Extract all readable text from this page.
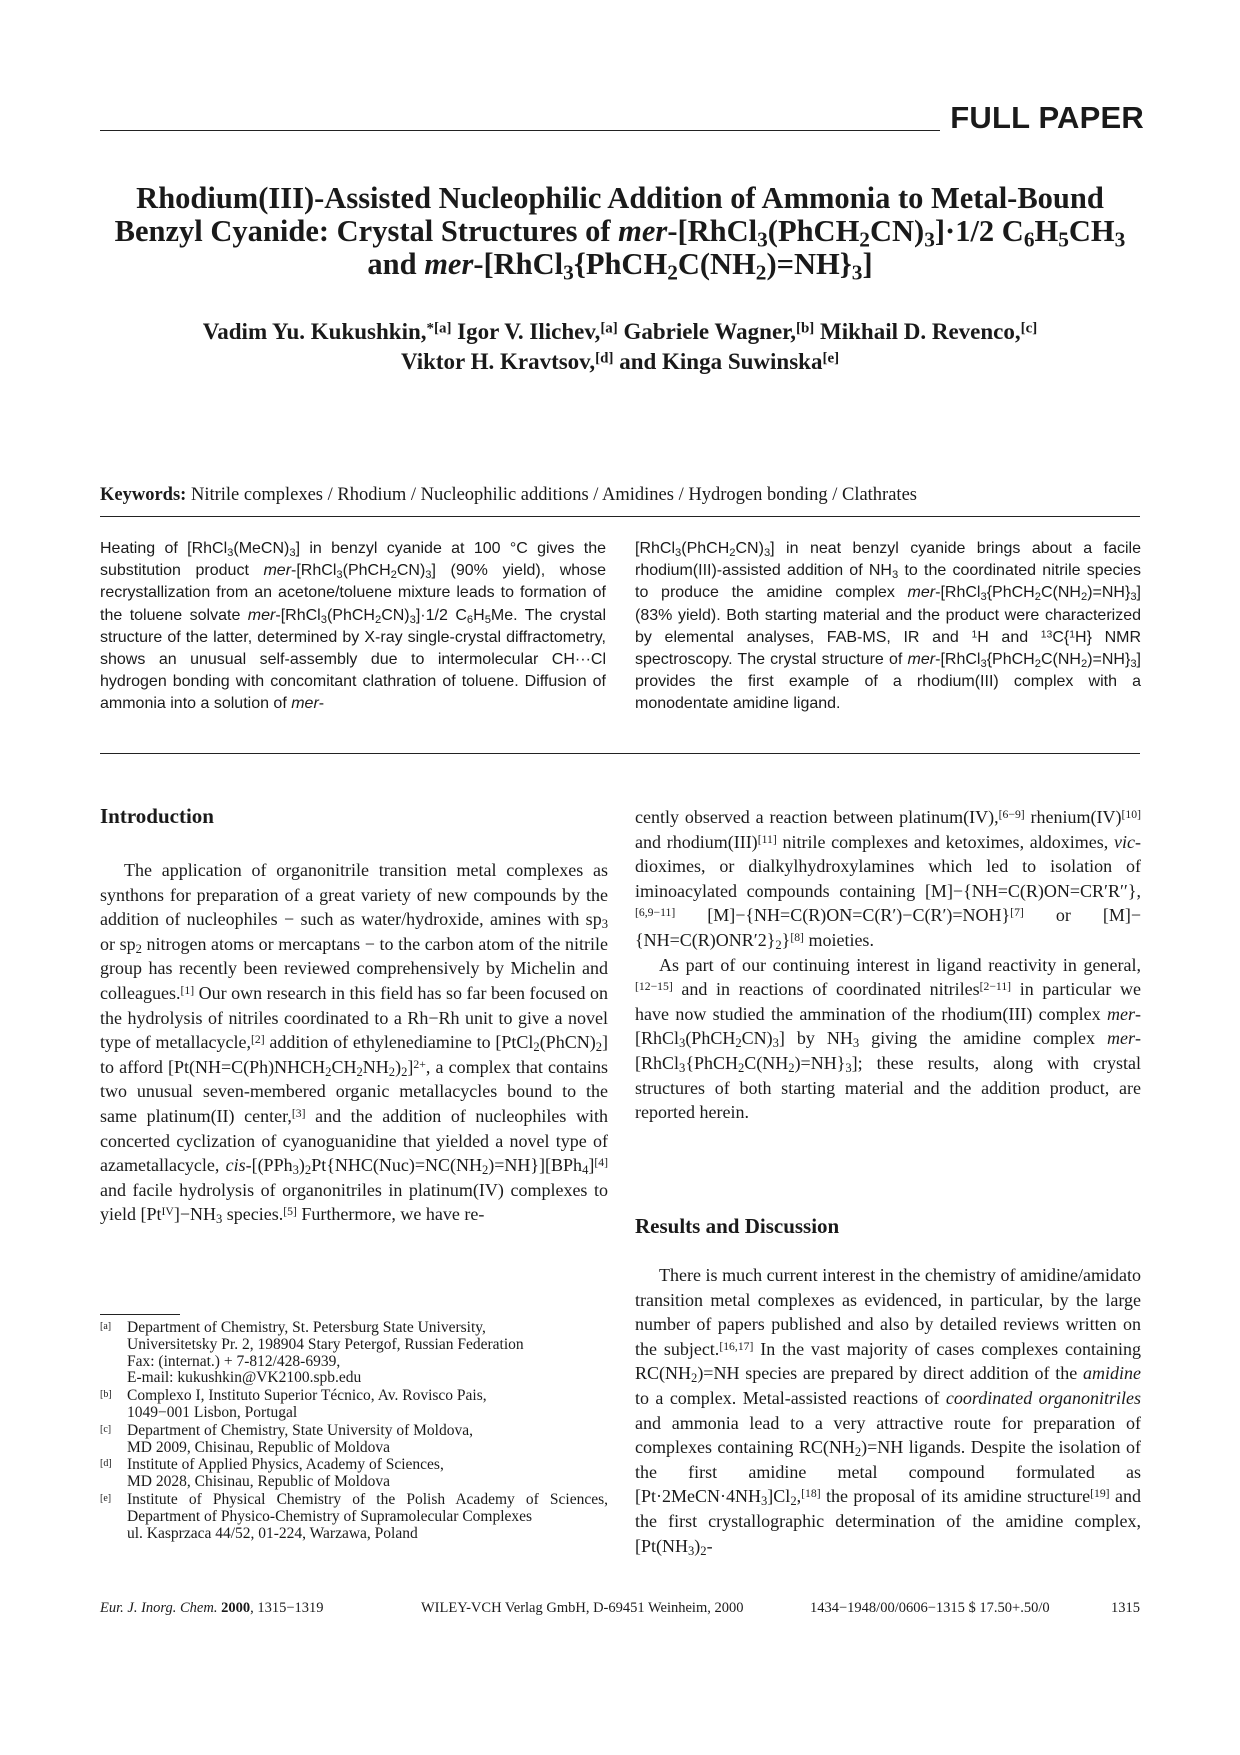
FULL PAPER
Rhodium(III)-Assisted Nucleophilic Addition of Ammonia to Metal-Bound
Benzyl Cyanide: Crystal Structures of mer-$[RhCl_3(PhCH_2CN)_3]\cdot 1/2$ $C_6H_5CH_3$
and mer-$[RhCl_3\{PhCH_2C(NH_2)=NH\}_3]$
Vadim Yu. Kukushkin,$^{*[a]}$ Igor V. Ilichev,[a] Gabriele Wagner,[b] Mikhail D. Revenco,[c]
Viktor H. Kravtsov,[d] and Kinga Suwinska[e]
Keywords: Nitrile complexes / Rhodium / Nucleophilic additions / Amidines / Hydrogen bonding / Clathrates
Heating of $[RhCl_3(MeCN)_3]$ in benzyl cyanide at 100 °C gives the substitution product mer-$[RhCl_3(PhCH_2CN)_3]$ (90% yield), whose recrystallization from an acetone/toluene mixture leads to formation of the toluene solvate mer-$[RhCl_3(PhCH_2CN)_3]\cdot 1/2$ $C_6H_5Me$. The crystal structure of the latter, determined by X-ray single-crystal diffractometry, shows an unusual self-assembly due to intermolecular CH···Cl hydrogen bonding with concomitant clathration of toluene. Diffusion of ammonia into a solution of mer-
$[RhCl_3(PhCH_2CN)_3]$ in neat benzyl cyanide brings about a facile rhodium(III)-assisted addition of $NH_3$ to the coordinated nitrile species to produce the amidine complex mer-$[RhCl_3\{PhCH_2C(NH_2)=NH\}_3]$ (83% yield). Both starting material and the product were characterized by elemental analyses, FAB-MS, IR and $^1$H and $^{13}$C{$^1$H} NMR spectroscopy. The crystal structure of mer-$[RhCl_3\{PhCH_2C(NH_2)=NH\}_3]$ provides the first example of a rhodium(III) complex with a monodentate amidine ligand.
Introduction

The application of organonitrile transition metal complexes as synthons for preparation of a great variety of new compounds by the addition of nucleophiles − such as water/hydroxide, amines with $sp_3$ or $sp_2$ nitrogen atoms or mercaptans − to the carbon atom of the nitrile group has recently been reviewed comprehensively by Michelin and colleagues.[1] Our own research in this field has so far been focused on the hydrolysis of nitriles coordinated to a Rh−Rh unit to give a novel type of metallacycle,[2] addition of ethylenediamine to $[PtCl_2(PhCN)_2]$ to afford $[Pt(NH=C(Ph)NHCH_2CH_2NH_2)_2]^{2+}$, a complex that contains two unusual seven-membered organic metallacycles bound to the same platinum(II) center,[3] and the addition of nucleophiles with concerted cyclization of cyanoguanidine that yielded a novel type of azametallacycle, cis-$[(PPh_3)_2Pt\{NHC(Nuc)=NC(NH_2)=NH\}][BPh_4][4]$ and facile hydrolysis of organonitriles in platinum(IV) complexes to yield $[Pt^{IV}]-NH_3$ species.[5] Furthermore, we have re-

cently observed a reaction between platinum(IV),[6−9] rhenium(IV)[10] and rhodium(III)[11] nitrile complexes and ketoximes, aldoximes, vic-dioximes, or dialkylhydroxylamines which led to isolation of iminoacylated compounds containing [M]−{NH=C(R)ON=CR′R′′},[6,9−11] [M]−{NH=C(R)ON=C(R′)−C(R′)=NOH}[7] or $[M]-\{NH=C(R)ONR'2\}_2\}[8]$ moieties.

As part of our continuing interest in ligand reactivity in general,[12−15] and in reactions of coordinated nitriles[2−11] in particular we have now studied the ammination of the rhodium(III) complex mer-$[RhCl_3(PhCH_2CN)_3]$ by $NH_3$ giving the amidine complex mer-$[RhCl_3\{PhCH_2C(NH_2)=NH\}_3]$; these results, along with crystal structures of both starting material and the addition product, are reported herein.

Results and Discussion

There is much current interest in the chemistry of amidine/amidato transition metal complexes as evidenced, in particular, by the large number of papers published and also by detailed reviews written on the subject.[16,17] In the vast majority of cases complexes containing $RC(NH_2)=NH$ species are prepared by direct addition of the amidine to a complex. Metal-assisted reactions of coordinated organonitriles and ammonia lead to a very attractive route for preparation of complexes containing $RC(NH_2)=NH$ ligands. Despite the isolation of the first amidine metal compound formulated as $[Pt\cdot 2MeCN\cdot 4NH_3]Cl_2,[18]$ the proposal of its amidine structure[19] and the first crystallographic determination of the amidine complex, [$Pt(NH_3)_2-$

[a]	Department of Chemistry, St. Petersburg State University,
Universitetsky Pr. 2, 198904 Stary Petergof, Russian Federation
Fax: (internat.) + 7-812/428-6939,
E-mail: kukushkin@VK2100.spb.edu
[b] Complexo I, Instituto Superior Técnico, Av. Rovisco Pais,
1049−001 Lisbon, Portugal
[c]	Department of Chemistry, State University of Moldova,
MD 2009, Chisinau, Republic of Moldova
[d] Institute of Applied Physics, Academy of Sciences,
MD 2028, Chisinau, Republic of Moldova
[e]	Institute of Physical Chemistry of the Polish Academy of Sciences, Department of Physico-Chemistry of Supramolecular Complexes
ul. Kasprzaca 44/52, 01-224, Warzawa, Poland
Eur. J. Inorg. Chem. 2000, 1315−1319	WILEY-VCH Verlag GmbH, D-69451 Weinheim, 2000	1434−1948/00/0606−1315 $ 17.50+.50/0	1315
